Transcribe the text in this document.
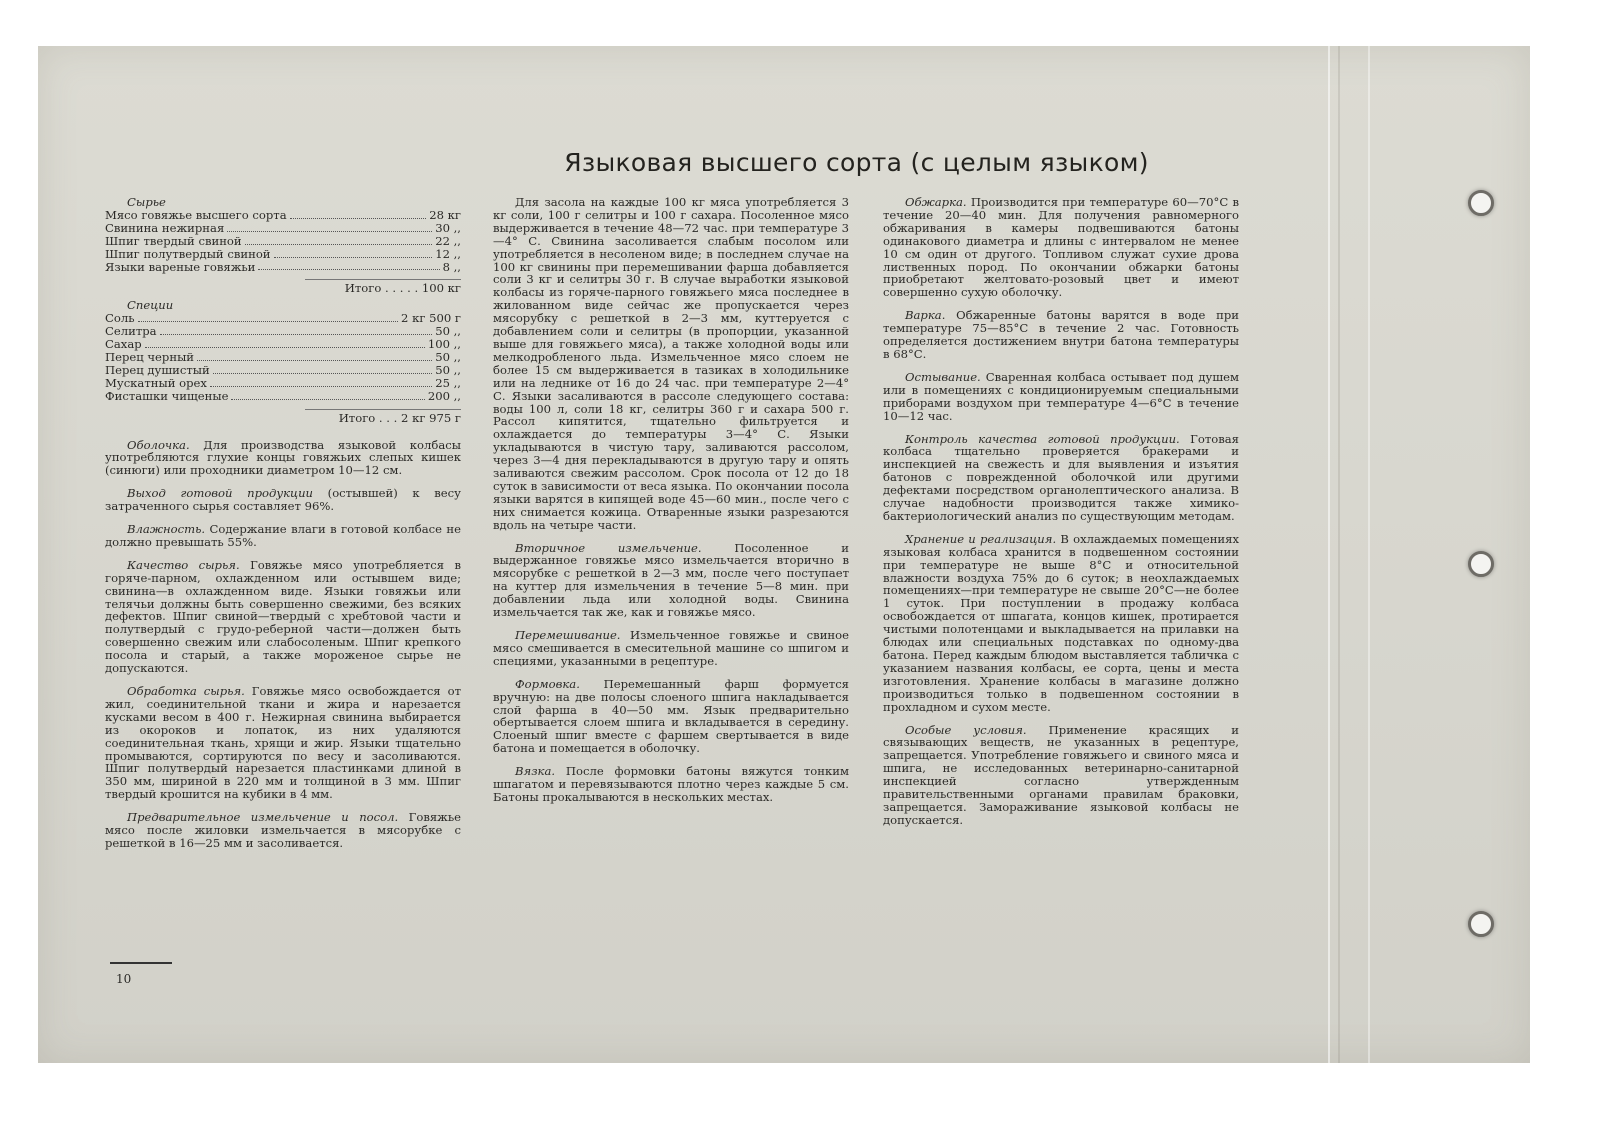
Языковая высшего сорта (с целым языком)
Сырье
Мясо говяжье высшего сорта	28 кг
Свинина нежирная	30 ,,
Шпиг твердый свиной	22 ,,
Шпиг полутвердый свиной	12 ,,
Языки вареные говяжьи	8 ,,
Итого . . . . . 100 кг
Специи
Соль	2 кг 500 г
Селитра	50 ,,
Сахар	100 ,,
Перец черный	50 ,,
Перец душистый	50 ,,
Мускатный орех	25 ,,
Фисташки чищеные	200 ,,
Итого . . . 2 кг 975 г

Оболочка. Для производства языковой колбасы употребляются глухие концы говяжьих слепых кишек (синюги) или проходники диаметром 10—12 см.

Выход готовой продукции (остывшей) к весу затраченного сырья составляет 96%.

Влажность. Содержание влаги в готовой колбасе не должно превышать 55%.

Качество сырья. Говяжье мясо употребляется в горяче-парном, охлажденном или остывшем виде; свинина—в охлажденном виде. Языки говяжьи или телячьи должны быть совершенно свежими, без всяких дефектов. Шпиг свиной—твердый с хребтовой части и полутвердый с грудо-реберной части—должен быть совершенно свежим или слабосоленым. Шпиг крепкого посола и старый, а также мороженое сырье не допускаются.

Обработка сырья. Говяжье мясо освобождается от жил, соединительной ткани и жира и нарезается кусками весом в 400 г. Нежирная свинина выбирается из окороков и лопаток, из них удаляются соединительная ткань, хрящи и жир. Языки тщательно промываются, сортируются по весу и засоливаются. Шпиг полутвердый нарезается пластинками длиной в 350 мм, шириной в 220 мм и толщиной в 3 мм. Шпиг твердый крошится на кубики в 4 мм.

Предварительное измельчение и посол. Говяжье мясо после жиловки измельчается в мясорубке с решеткой в 16—25 мм и засоливается.

Для засола на каждые 100 кг мяса употребляется 3 кг соли, 100 г селитры и 100 г сахара. Посоленное мясо выдерживается в течение 48—72 час. при температуре 3—4° С. Свинина засоливается слабым посолом или употребляется в несоленом виде; в последнем случае на 100 кг свинины при перемешивании фарша добавляется соли 3 кг и селитры 30 г. В случае выработки языковой колбасы из горяче-парного говяжьего мяса последнее в жилованном виде сейчас же пропускается через мясорубку с решеткой в 2—3 мм, куттеруется с добавлением соли и селитры (в пропорции, указанной выше для говяжьего мяса), а также холодной воды или мелкодробленого льда. Измельченное мясо слоем не более 15 см выдерживается в тазиках в холодильнике или на леднике от 16 до 24 час. при температуре 2—4° С. Языки засаливаются в рассоле следующего состава: воды 100 л, соли 18 кг, селитры 360 г и сахара 500 г. Рассол кипятится, тщательно фильтруется и охлаждается до температуры 3—4° С. Языки укладываются в чистую тару, заливаются рассолом, через 3—4 дня перекладываются в другую тару и опять заливаются свежим рассолом. Срок посола от 12 до 18 суток в зависимости от веса языка. По окончании посола языки варятся в кипящей воде 45—60 мин., после чего с них снимается кожица. Отваренные языки разрезаются вдоль на четыре части.

Вторичное измельчение. Посоленное и выдержанное говяжье мясо измельчается вторично в мясорубке с решеткой в 2—3 мм, после чего поступает на куттер для измельчения в течение 5—8 мин. при добавлении льда или холодной воды. Свинина измельчается так же, как и говяжье мясо.

Перемешивание. Измельченное говяжье и свиное мясо смешивается в смесительной машине со шпигом и специями, указанными в рецептуре.

Формовка. Перемешанный фарш формуется вручную: на две полосы слоеного шпига накладывается слой фарша в 40—50 мм. Язык предварительно обертывается слоем шпига и вкладывается в середину. Слоеный шпиг вместе с фаршем свертывается в виде батона и помещается в оболочку.

Вязка. После формовки батоны вяжутся тонким шпагатом и перевязываются плотно через каждые 5 см. Батоны прокалываются в нескольких местах.

Обжарка. Производится при температуре 60—70°С в течение 20—40 мин. Для получения равномерного обжаривания в камеры подвешиваются батоны одинакового диаметра и длины с интервалом не менее 10 см один от другого. Топливом служат сухие дрова лиственных пород. По окончании обжарки батоны приобретают желтовато-розовый цвет и имеют совершенно сухую оболочку.

Варка. Обжаренные батоны варятся в воде при температуре 75—85°С в течение 2 час. Готовность определяется достижением внутри батона температуры в 68°С.

Остывание. Сваренная колбаса остывает под душем или в помещениях с кондиционируемым специальными приборами воздухом при температуре 4—6°С в течение 10—12 час.

Контроль качества готовой продукции. Готовая колбаса тщательно проверяется бракерами и инспекцией на свежесть и для выявления и изъятия батонов с поврежденной оболочкой или другими дефектами посредством органолептического анализа. В случае надобности производится также химико-бактериологический анализ по существующим методам.

Хранение и реализация. В охлаждаемых помещениях языковая колбаса хранится в подвешенном состоянии при температуре не выше 8°С и относительной влажности воздуха 75% до 6 суток; в неохлаждаемых помещениях—при температуре не свыше 20°С—не более 1 суток. При поступлении в продажу колбаса освобождается от шпагата, концов кишек, протирается чистыми полотенцами и выкладывается на прилавки на блюдах или специальных подставках по одному-два батона. Перед каждым блюдом выставляется табличка с указанием названия колбасы, ее сорта, цены и места изготовления. Хранение колбасы в магазине должно производиться только в подвешенном состоянии в прохладном и сухом месте.

Особые условия. Применение красящих и связывающих веществ, не указанных в рецептуре, запрещается. Употребление говяжьего и свиного мяса и шпига, не исследованных ветеринарно-санитарной инспекцией согласно утвержденным правительственными органами правилам браковки, запрещается. Замораживание языковой колбасы не допускается.

10
